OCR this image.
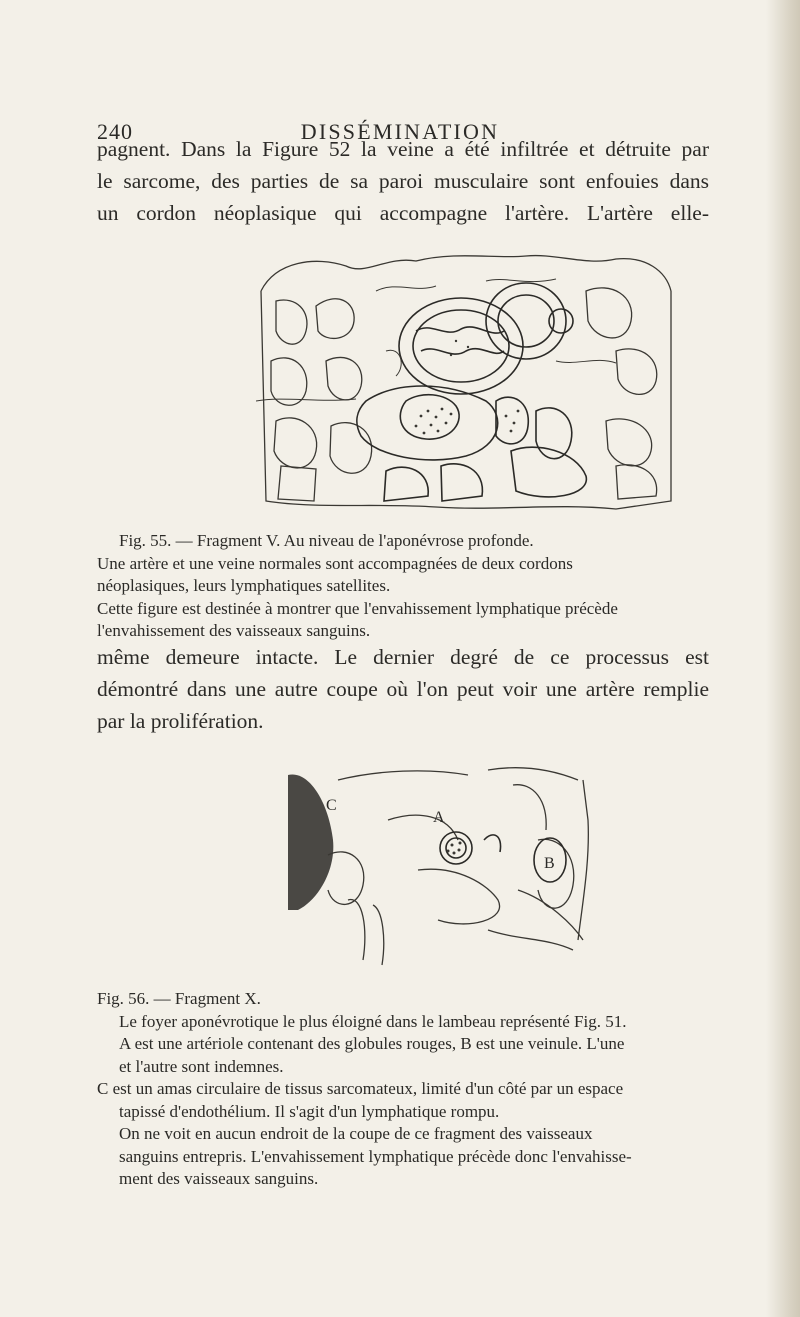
240	DISSÉMINATION
pagnent. Dans la Figure 52 la veine a été infiltrée et détruite par
le sarcome, des parties de sa paroi musculaire sont enfouies dans
un cordon néoplasique qui accompagne l'artère. L'artère elle-
Fig. 55. — Fragment V. Au niveau de l'aponévrose profonde.
Une artère et une veine normales sont accompagnées de deux cordons
néoplasiques, leurs lymphatiques satellites.
Cette figure est destinée à montrer que l'envahissement lymphatique précède
l'envahissement des vaisseaux sanguins.
même demeure intacte. Le dernier degré de ce processus est
démontré dans une autre coupe où l'on peut voir une artère remplie
par la prolifération.
C
A
B
Fig. 56. — Fragment X.
Le foyer aponévrotique le plus éloigné dans le lambeau représenté Fig. 51.
A est une artériole contenant des globules rouges, B est une veinule. L'une
et l'autre sont indemnes.
C est un amas circulaire de tissus sarcomateux, limité d'un côté par un espace
tapissé d'endothélium. Il s'agit d'un lymphatique rompu.
On ne voit en aucun endroit de la coupe de ce fragment des vaisseaux
sanguins entrepris. L'envahissement lymphatique précède donc l'envahisse-
ment des vaisseaux sanguins.
